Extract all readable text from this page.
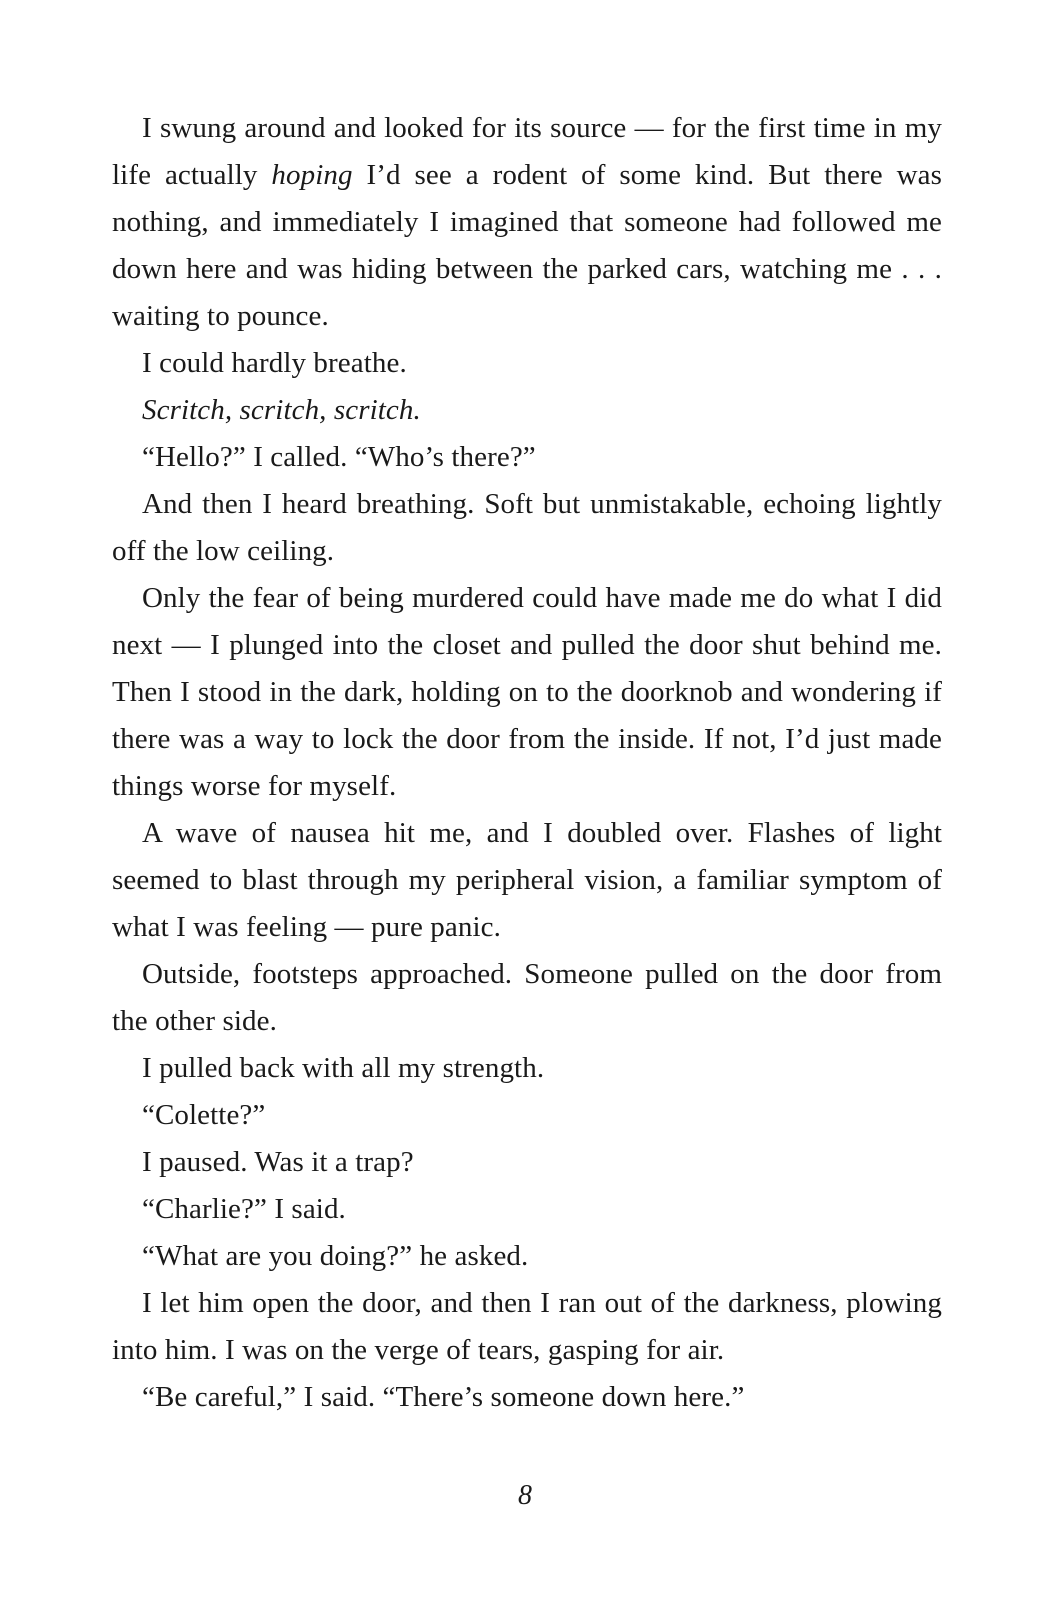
I swung around and looked for its source — for the first time in my life actually hoping I’d see a rodent of some kind. But there was nothing, and immediately I imagined that someone had followed me down here and was hiding between the parked cars, watching me . . . waiting to pounce.

I could hardly breathe.

Scritch, scritch, scritch.

“Hello?” I called. “Who’s there?”

And then I heard breathing. Soft but unmistakable, echoing lightly off the low ceiling.

Only the fear of being murdered could have made me do what I did next — I plunged into the closet and pulled the door shut behind me. Then I stood in the dark, holding on to the doorknob and wondering if there was a way to lock the door from the inside. If not, I’d just made things worse for myself.

A wave of nausea hit me, and I doubled over. Flashes of light seemed to blast through my peripheral vision, a familiar symptom of what I was feeling — pure panic.

Outside, footsteps approached. Someone pulled on the door from the other side.

I pulled back with all my strength.

“Colette?”

I paused. Was it a trap?

“Charlie?” I said.

“What are you doing?” he asked.

I let him open the door, and then I ran out of the darkness, plowing into him. I was on the verge of tears, gasping for air.

“Be careful,” I said. “There’s someone down here.”

8
